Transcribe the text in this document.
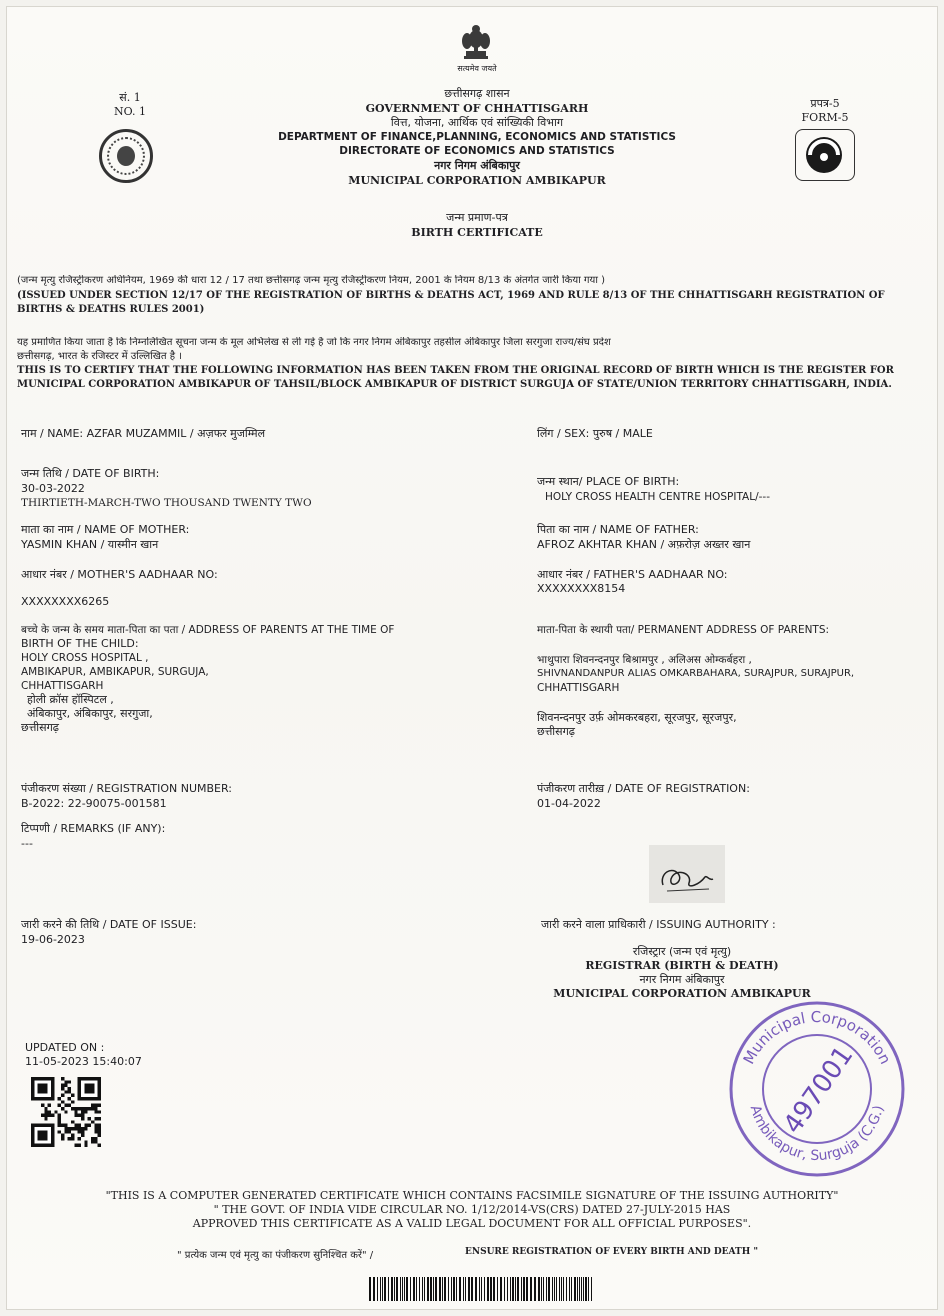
सत्यमेव जयते
सं. 1
NO. 1
प्रपत्र-5
FORM-5
छत्तीसगढ़ शासन
GOVERNMENT OF CHHATTISGARH
वित्त, योजना, आर्थिक एवं सांख्यिकी विभाग
DEPARTMENT OF FINANCE,PLANNING, ECONOMICS AND STATISTICS
DIRECTORATE OF ECONOMICS AND STATISTICS
नगर निगम अंबिकापुर
MUNICIPAL CORPORATION AMBIKAPUR
जन्म प्रमाण-पत्र
BIRTH CERTIFICATE
(जन्म मृत्यु रजिस्ट्रीकरण अधिनियम, 1969 की धारा 12 / 17 तथा छत्तीसगढ़ जन्म मृत्यु रजिस्ट्रीकरण नियम, 2001 के नियम 8/13 के अंतर्गत जारी किया गया )
(ISSUED UNDER SECTION 12/17 OF THE REGISTRATION OF BIRTHS & DEATHS ACT, 1969 AND RULE 8/13 OF THE CHHATTISGARH REGISTRATION OF
BIRTHS & DEATHS RULES 2001)
यह प्रमाणित किया जाता है कि निम्नलिखित सूचना जन्म के मूल अभिलेख से ली गई है जो कि नगर निगम अंबिकापुर तहसील अंबिकापुर जिला सरगुजा राज्य/संघ प्रदेश
छत्तीसगढ़, भारत के रजिस्टर में उल्लिखित है ।
THIS IS TO CERTIFY THAT THE FOLLOWING INFORMATION HAS BEEN TAKEN FROM THE ORIGINAL RECORD OF BIRTH WHICH IS THE REGISTER FOR
MUNICIPAL CORPORATION AMBIKAPUR OF TAHSIL/BLOCK AMBIKAPUR OF DISTRICT SURGUJA OF STATE/UNION TERRITORY CHHATTISGARH, INDIA.
नाम / NAME: AZFAR MUZAMMIL / अज़फर मुजम्मिल	लिंग / SEX: पुरुष / MALE
जन्म तिथि / DATE OF BIRTH:
30-03-2022
THIRTIETH-MARCH-TWO THOUSAND TWENTY TWO
जन्म स्थान/ PLACE OF BIRTH:
HOLY CROSS HEALTH CENTRE HOSPITAL/---
माता का नाम / NAME OF MOTHER:
YASMIN KHAN / यास्मीन खान
पिता का नाम / NAME OF FATHER:
AFROZ AKHTAR KHAN / अफ़रोज़ अख्तर खान
आधार नंबर / MOTHER'S AADHAAR NO:
XXXXXXXX6265
आधार नंबर / FATHER'S AADHAAR NO:
XXXXXXXX8154
बच्चे के जन्म के समय माता-पिता का पता / ADDRESS OF PARENTS AT THE TIME OF
BIRTH OF THE CHILD:
HOLY CROSS HOSPITAL ,
AMBIKAPUR, AMBIKAPUR, SURGUJA,
CHHATTISGARH
होली क्रॉस हॉस्पिटल ,
अंबिकापुर, अंबिकापुर, सरगुजा,
छत्तीसगढ़
माता-पिता के स्थायी पता/ PERMANENT ADDRESS OF PARENTS:
भाथुपारा शिवनन्दनपुर बिश्रामपुर , अलिअस ओम्कर्बहरा ,
SHIVNANDANPUR ALIAS OMKARBAHARA, SURAJPUR, SURAJPUR,
CHHATTISGARH
शिवनन्दनपुर उर्फ़ ओमकरबहरा, सूरजपुर, सूरजपुर,
छत्तीसगढ़
पंजीकरण संख्या / REGISTRATION NUMBER:
B-2022: 22-90075-001581
पंजीकरण तारीख़ / DATE OF REGISTRATION:
01-04-2022
टिप्पणी / REMARKS (IF ANY):
---
जारी करने की तिथि / DATE OF ISSUE:
19-06-2023
जारी करने वाला प्राधिकारी / ISSUING AUTHORITY :
रजिस्ट्रार (जन्म एवं मृत्यु)
REGISTRAR (BIRTH & DEATH)
नगर निगम अंबिकापुर
MUNICIPAL CORPORATION AMBIKAPUR
Municipal Corporation
Ambikapur, Surguja (C.G.)
497001
UPDATED ON :
11-05-2023 15:40:07
"THIS IS A COMPUTER GENERATED CERTIFICATE WHICH CONTAINS FACSIMILE SIGNATURE OF THE ISSUING AUTHORITY"
" THE GOVT. OF INDIA VIDE CIRCULAR NO. 1/12/2014-VS(CRS) DATED 27-JULY-2015 HAS
APPROVED THIS CERTIFICATE AS A VALID LEGAL DOCUMENT FOR ALL OFFICIAL PURPOSES".
" प्रत्येक जन्म एवं मृत्यु का पंजीकरण सुनिश्चित करें" /	ENSURE REGISTRATION OF EVERY BIRTH AND DEATH "
